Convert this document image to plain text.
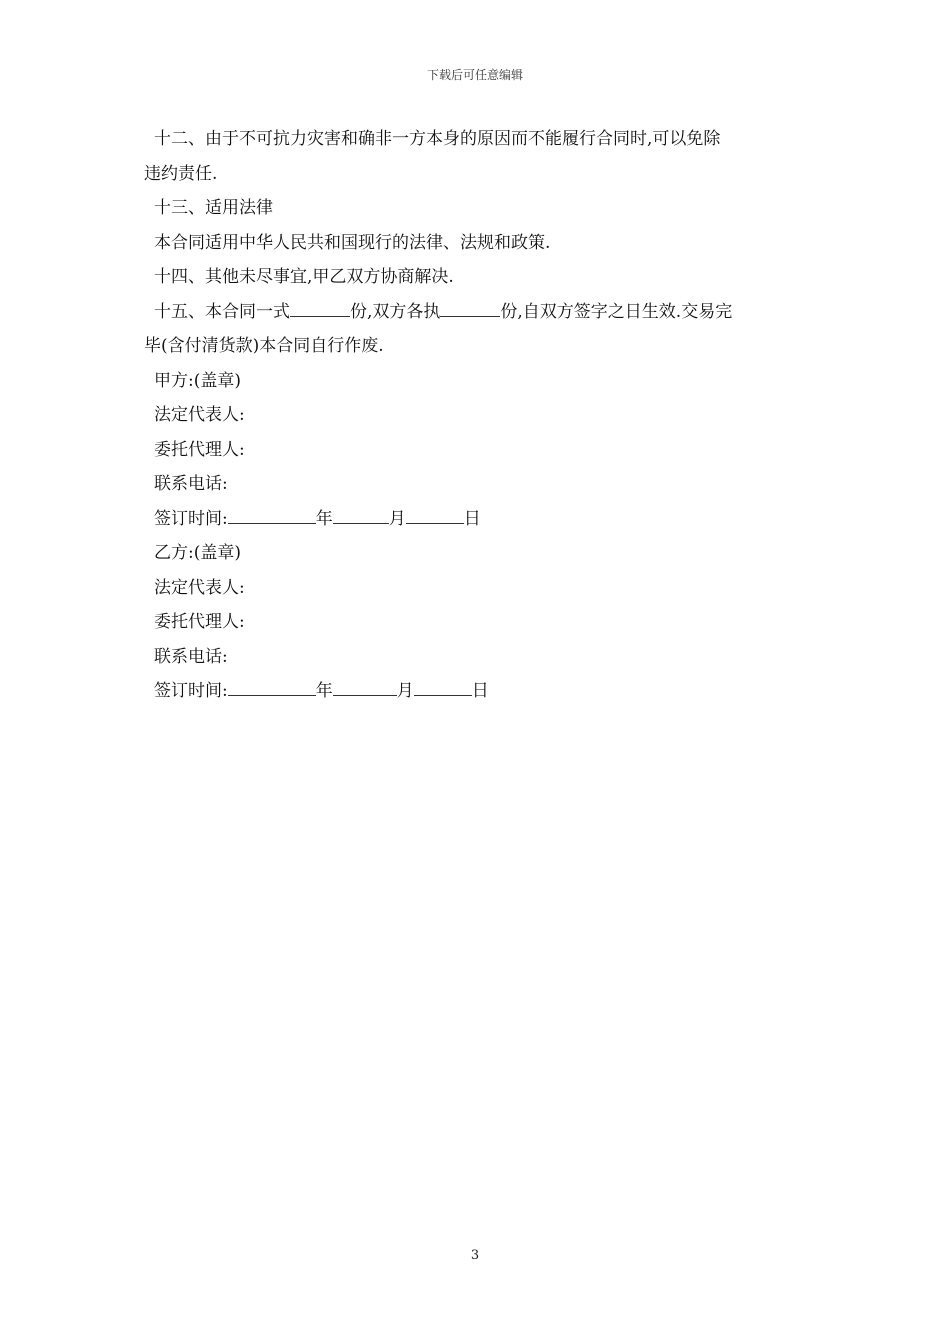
下载后可任意编辑
十二、由于不可抗力灾害和确非一方本身的原因而不能履行合同时,可以免除
违约责任.
十三、适用法律
本合同适用中华人民共和国现行的法律、法规和政策.
十四、其他未尽事宜,甲乙双方协商解决.
十五、本合同一式	份,双方各执	份,自双方签字之日生效.交易完
毕(含付清货款)本合同自行作废.
甲方:(盖章)
法定代表人:
委托代理人:
联系电话:
签订时间:	年	月	日
乙方:(盖章)
法定代表人:
委托代理人:
联系电话:
签订时间:	年	月	日
3
